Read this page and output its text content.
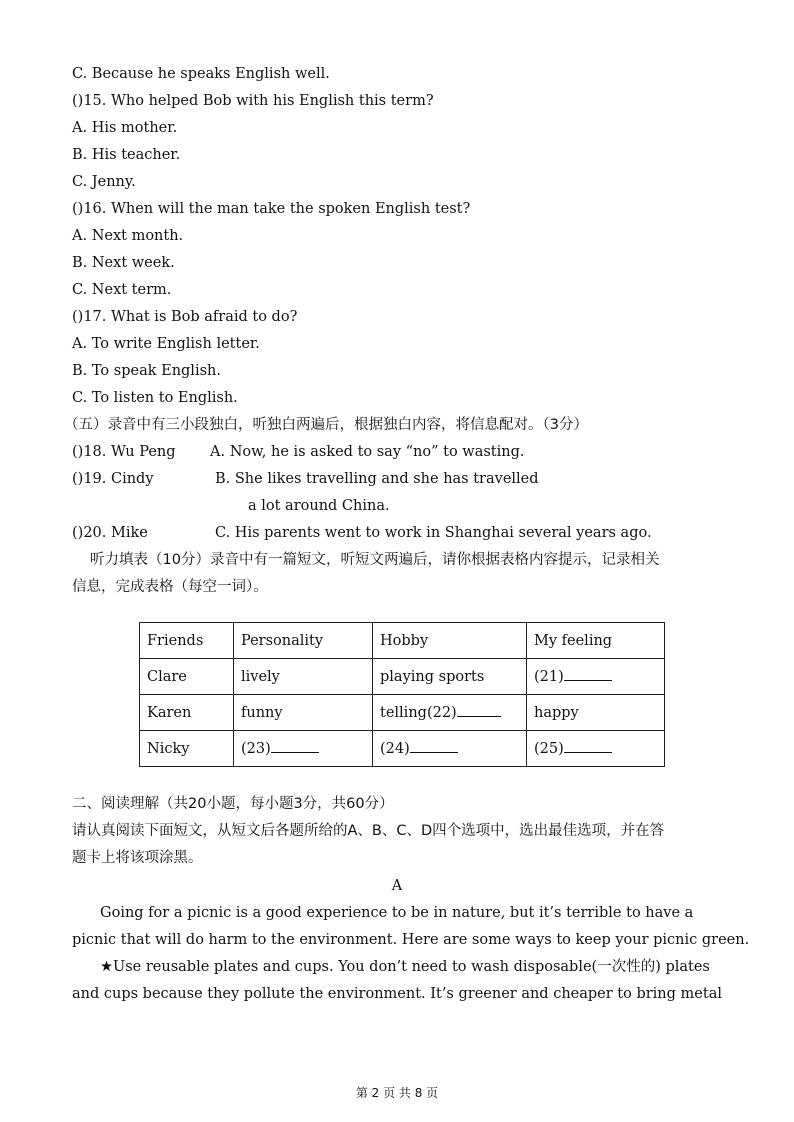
C. Because he speaks English well.
()15. Who helped Bob with his English this term?
A. His mother.
B. His teacher.
C. Jenny.
()16. When will the man take the spoken English test?
A. Next month.
B. Next week.
C. Next term.
()17. What is Bob afraid to do?
A. To write English letter.
B. To speak English.
C. To listen to English.
（五）录音中有三小段独白，听独白两遍后，根据独白内容，将信息配对。（3分）
()18. Wu Peng A. Now, he is asked to say “no” to wasting.
()19. Cindy	B. She likes travelling and she has travelled
a lot around China.
()20. Mike	C. His parents went to work in Shanghai several years ago.
听力填表（10分）录音中有一篇短文，听短文两遍后，请你根据表格内容提示，记录相关
信息，完成表格（每空一词）。
Friends	Personality	Hobby	My feeling
Clare	lively	playing sports	(21)
Karen	funny	telling(22)	happy
Nicky	(23)	(24)	(25)
二、阅读理解（共20小题，每小题3分，共60分）
请认真阅读下面短文，从短文后各题所给的A、B、C、D四个选项中，选出最佳选项，并在答
题卡上将该项涂黑。
A
Going for a picnic is a good experience to be in nature, but it’s terrible to have a
picnic that will do harm to the environment. Here are some ways to keep your picnic green.
★Use reusable plates and cups. You don’t need to wash disposable(一次性的) plates
and cups because they pollute the environment. It’s greener and cheaper to bring metal
第 2 页 共 8 页
